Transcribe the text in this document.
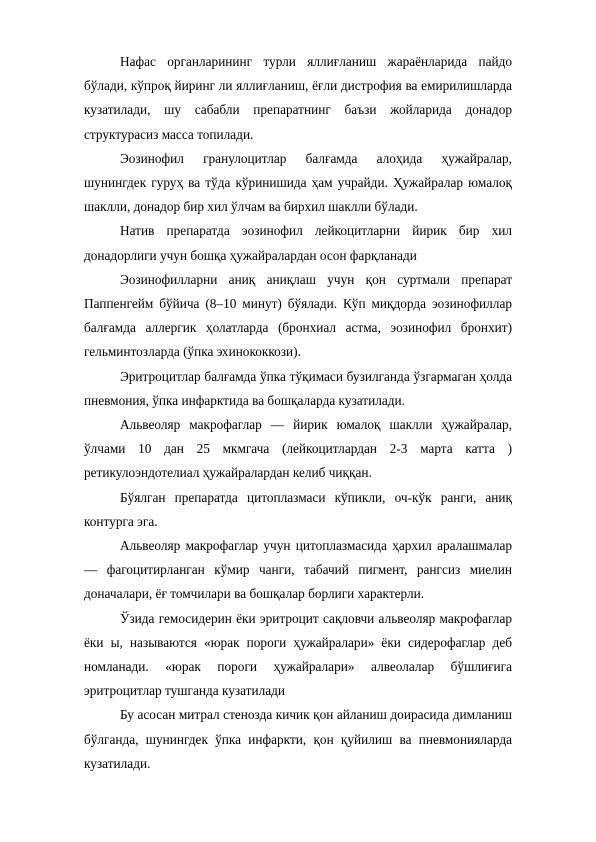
Нафас органларининг турли яллиғланиш жараёнларида пайдо бўлади, кўпроқ йиринг ли яллиғланиш, ёғли дистрофия ва емирилишларда кузатилади, шу сабабли препаратнинг баъзи жойларида донадор структурасиз масса топилади.

Эозинофил гранулоцитлар балғамда алоҳида ҳужайралар, шунингдек гуруҳ ва тўда кўринишида ҳам учрайди. Ҳужайралар юмалоқ шаклли, донадор бир хил ўлчам ва бирхил шаклли бўлади.

Натив препаратда эозинофил лейкоцитларни йирик бир хил донадорлиги учун бошқа ҳужайралардан осон фарқланади

Эозинофилларни аниқ аниқлаш учун қон суртмали препарат Паппенгейм бўйича (8–10 минут) бўялади. Кўп миқдорда эозинофиллар балғамда аллергик ҳолатларда (бронхиал астма, эозинофил бронхит) гельминтозларда (ўпка эхинококкози).

Эритроцитлар балғамда ўпка тўқимаси бузилганда ўзгармаган ҳолда пневмония, ўпка инфарктида ва бошқаларда кузатилади.

Альвеоляр макрофаглар — йирик юмалоқ шаклли ҳужайралар, ўлчами 10 дан 25 мкмгача (лейкоцитлардан 2-3 марта катта ) ретикулоэндотелиал ҳужайралардан келиб чиққан.

Бўялган препаратда цитоплазмаси кўпикли, оч-кўк ранги, аниқ контурга эга.

Альвеоляр макрофаглар учун цитоплазмасида ҳархил аралашмалар— фагоцитирланган кўмир чанги, табачий пигмент, рангсиз миелин доначалари, ёғ томчилари ва бошқалар борлиги характерли.

Ўзида гемосидерин ёки эритроцит сақловчи альвеоляр макрофаглар ёки ы, называются «юрак пороги ҳужайралари» ёки сидерофаглар деб номланади. «юрак пороги ҳужайралари» алвеолалар бўшлиғига эритроцитлар тушганда кузатилади

Бу асосан митрал стенозда кичик қон айланиш доирасида димланиш бўлганда, шунингдек ўпка инфаркти, қон қуйилиш ва пневмонияларда кузатилади.
